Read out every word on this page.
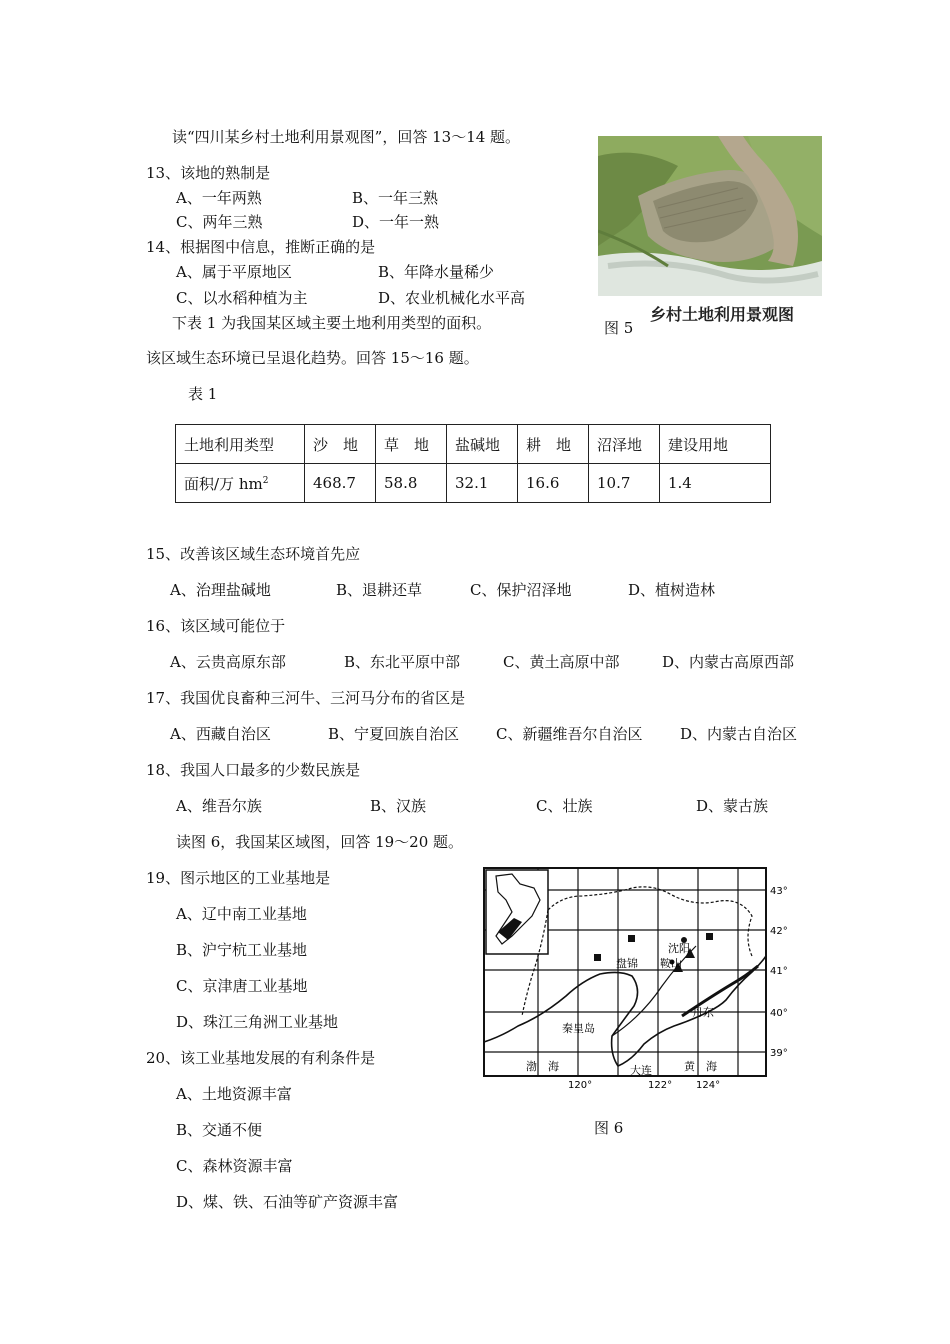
读“四川某乡村土地利用景观图”，回答 13～14 题。
13、该地的熟制是
A、一年两熟	B、一年三熟
C、两年三熟	D、一年一熟
14、根据图中信息，推断正确的是
A、属于平原地区	B、年降水量稀少
C、以水稻种植为主	D、农业机械化水平高
下表 1 为我国某区域主要土地利用类型的面积。
该区域生态环境已呈退化趋势。回答 15～16 题。
乡村土地利用景观图
图 5
表 1
土地利用类型	沙　地	草　地	盐碱地	耕　地	沼泽地	建设用地
面积/万 $hm^2$	468.7	58.8	32.1	16.6	10.7	1.4
15、改善该区域生态环境首先应
A、治理盐碱地	B、退耕还草	C、保护沼泽地	D、植树造林
16、该区域可能位于
A、云贵高原东部	B、东北平原中部	C、黄土高原中部	D、内蒙古高原西部
17、我国优良畜种三河牛、三河马分布的省区是
A、西藏自治区	B、宁夏回族自治区 C、新疆维吾尔自治区	D、内蒙古自治区
18、我国人口最多的少数民族是
A、维吾尔族	B、汉族	C、壮族	D、蒙古族
读图 6，我国某区域图，回答 19～20 题。
19、图示地区的工业基地是
A、辽中南工业基地
B、沪宁杭工业基地
C、京津唐工业基地
D、珠江三角洲工业基地
20、该工业基地发展的有利条件是
A、土地资源丰富
B、交通不便
C、森林资源丰富
D、煤、铁、石油等矿产资源丰富
沈阳
鞍山
盘锦
秦皇岛
大连
丹东
渤　海	黄　海
43°
42°
41°
40°
39°
120°	122° 124°
图 6
